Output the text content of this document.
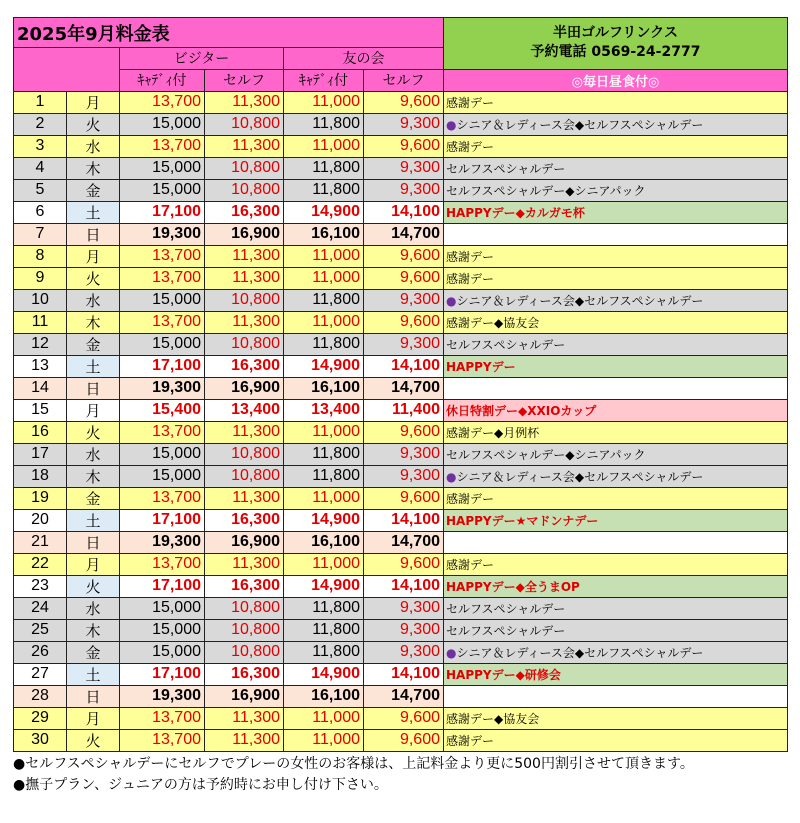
2025年9月料金表						半田ゴルフリンクス
予約電話 0569-24-2777

		ビジター		友の会		
		ｷｬﾃﾞｨ付	セルフ	ｷｬﾃﾞｨ付	セルフ	◎毎日昼食付◎
1	月	13,700	11,300	11,000	9,600	感謝デー
2	火	15,000	10,800	11,800	9,300	●シニア＆レディース会◆セルフスペシャルデー
3	水	13,700	11,300	11,000	9,600	感謝デー
4	木	15,000	10,800	11,800	9,300	セルフスペシャルデー
5	金	15,000	10,800	11,800	9,300	セルフスペシャルデー◆シニアパック
6	土	17,100	16,300	14,900	14,100	HAPPYデー◆カルガモ杯
7	日	19,300	16,900	16,100	14,700	
8	月	13,700	11,300	11,000	9,600	感謝デー
9	火	13,700	11,300	11,000	9,600	感謝デー
10	水	15,000	10,800	11,800	9,300	●シニア＆レディース会◆セルフスペシャルデー
11	木	13,700	11,300	11,000	9,600	感謝デー◆協友会
12	金	15,000	10,800	11,800	9,300	セルフスペシャルデー
13	土	17,100	16,300	14,900	14,100	HAPPYデー
14	日	19,300	16,900	16,100	14,700	
15	月	15,400	13,400	13,400	11,400	休日特割デー◆XXIOカップ
16	火	13,700	11,300	11,000	9,600	感謝デー◆月例杯
17	水	15,000	10,800	11,800	9,300	セルフスペシャルデー◆シニアパック
18	木	15,000	10,800	11,800	9,300	●シニア＆レディース会◆セルフスペシャルデー
19	金	13,700	11,300	11,000	9,600	感謝デー
20	土	17,100	16,300	14,900	14,100	HAPPYデー★マドンナデー
21	日	19,300	16,900	16,100	14,700	
22	月	13,700	11,300	11,000	9,600	感謝デー
23	火	17,100	16,300	14,900	14,100	HAPPYデー◆全うまOP
24	水	15,000	10,800	11,800	9,300	セルフスペシャルデー
25	木	15,000	10,800	11,800	9,300	セルフスペシャルデー
26	金	15,000	10,800	11,800	9,300	●シニア＆レディース会◆セルフスペシャルデー
27	土	17,100	16,300	14,900	14,100	HAPPYデー◆研修会
28	日	19,300	16,900	16,100	14,700	
29	月	13,700	11,300	11,000	9,600	感謝デー◆協友会
30	火	13,700	11,300	11,000	9,600	感謝デー
●セルフスペシャルデーにセルフでプレーの女性のお客様は、上記料金より更に500円割引させて頂きます。
●撫子プラン、ジュニアの方は予約時にお申し付け下さい。
